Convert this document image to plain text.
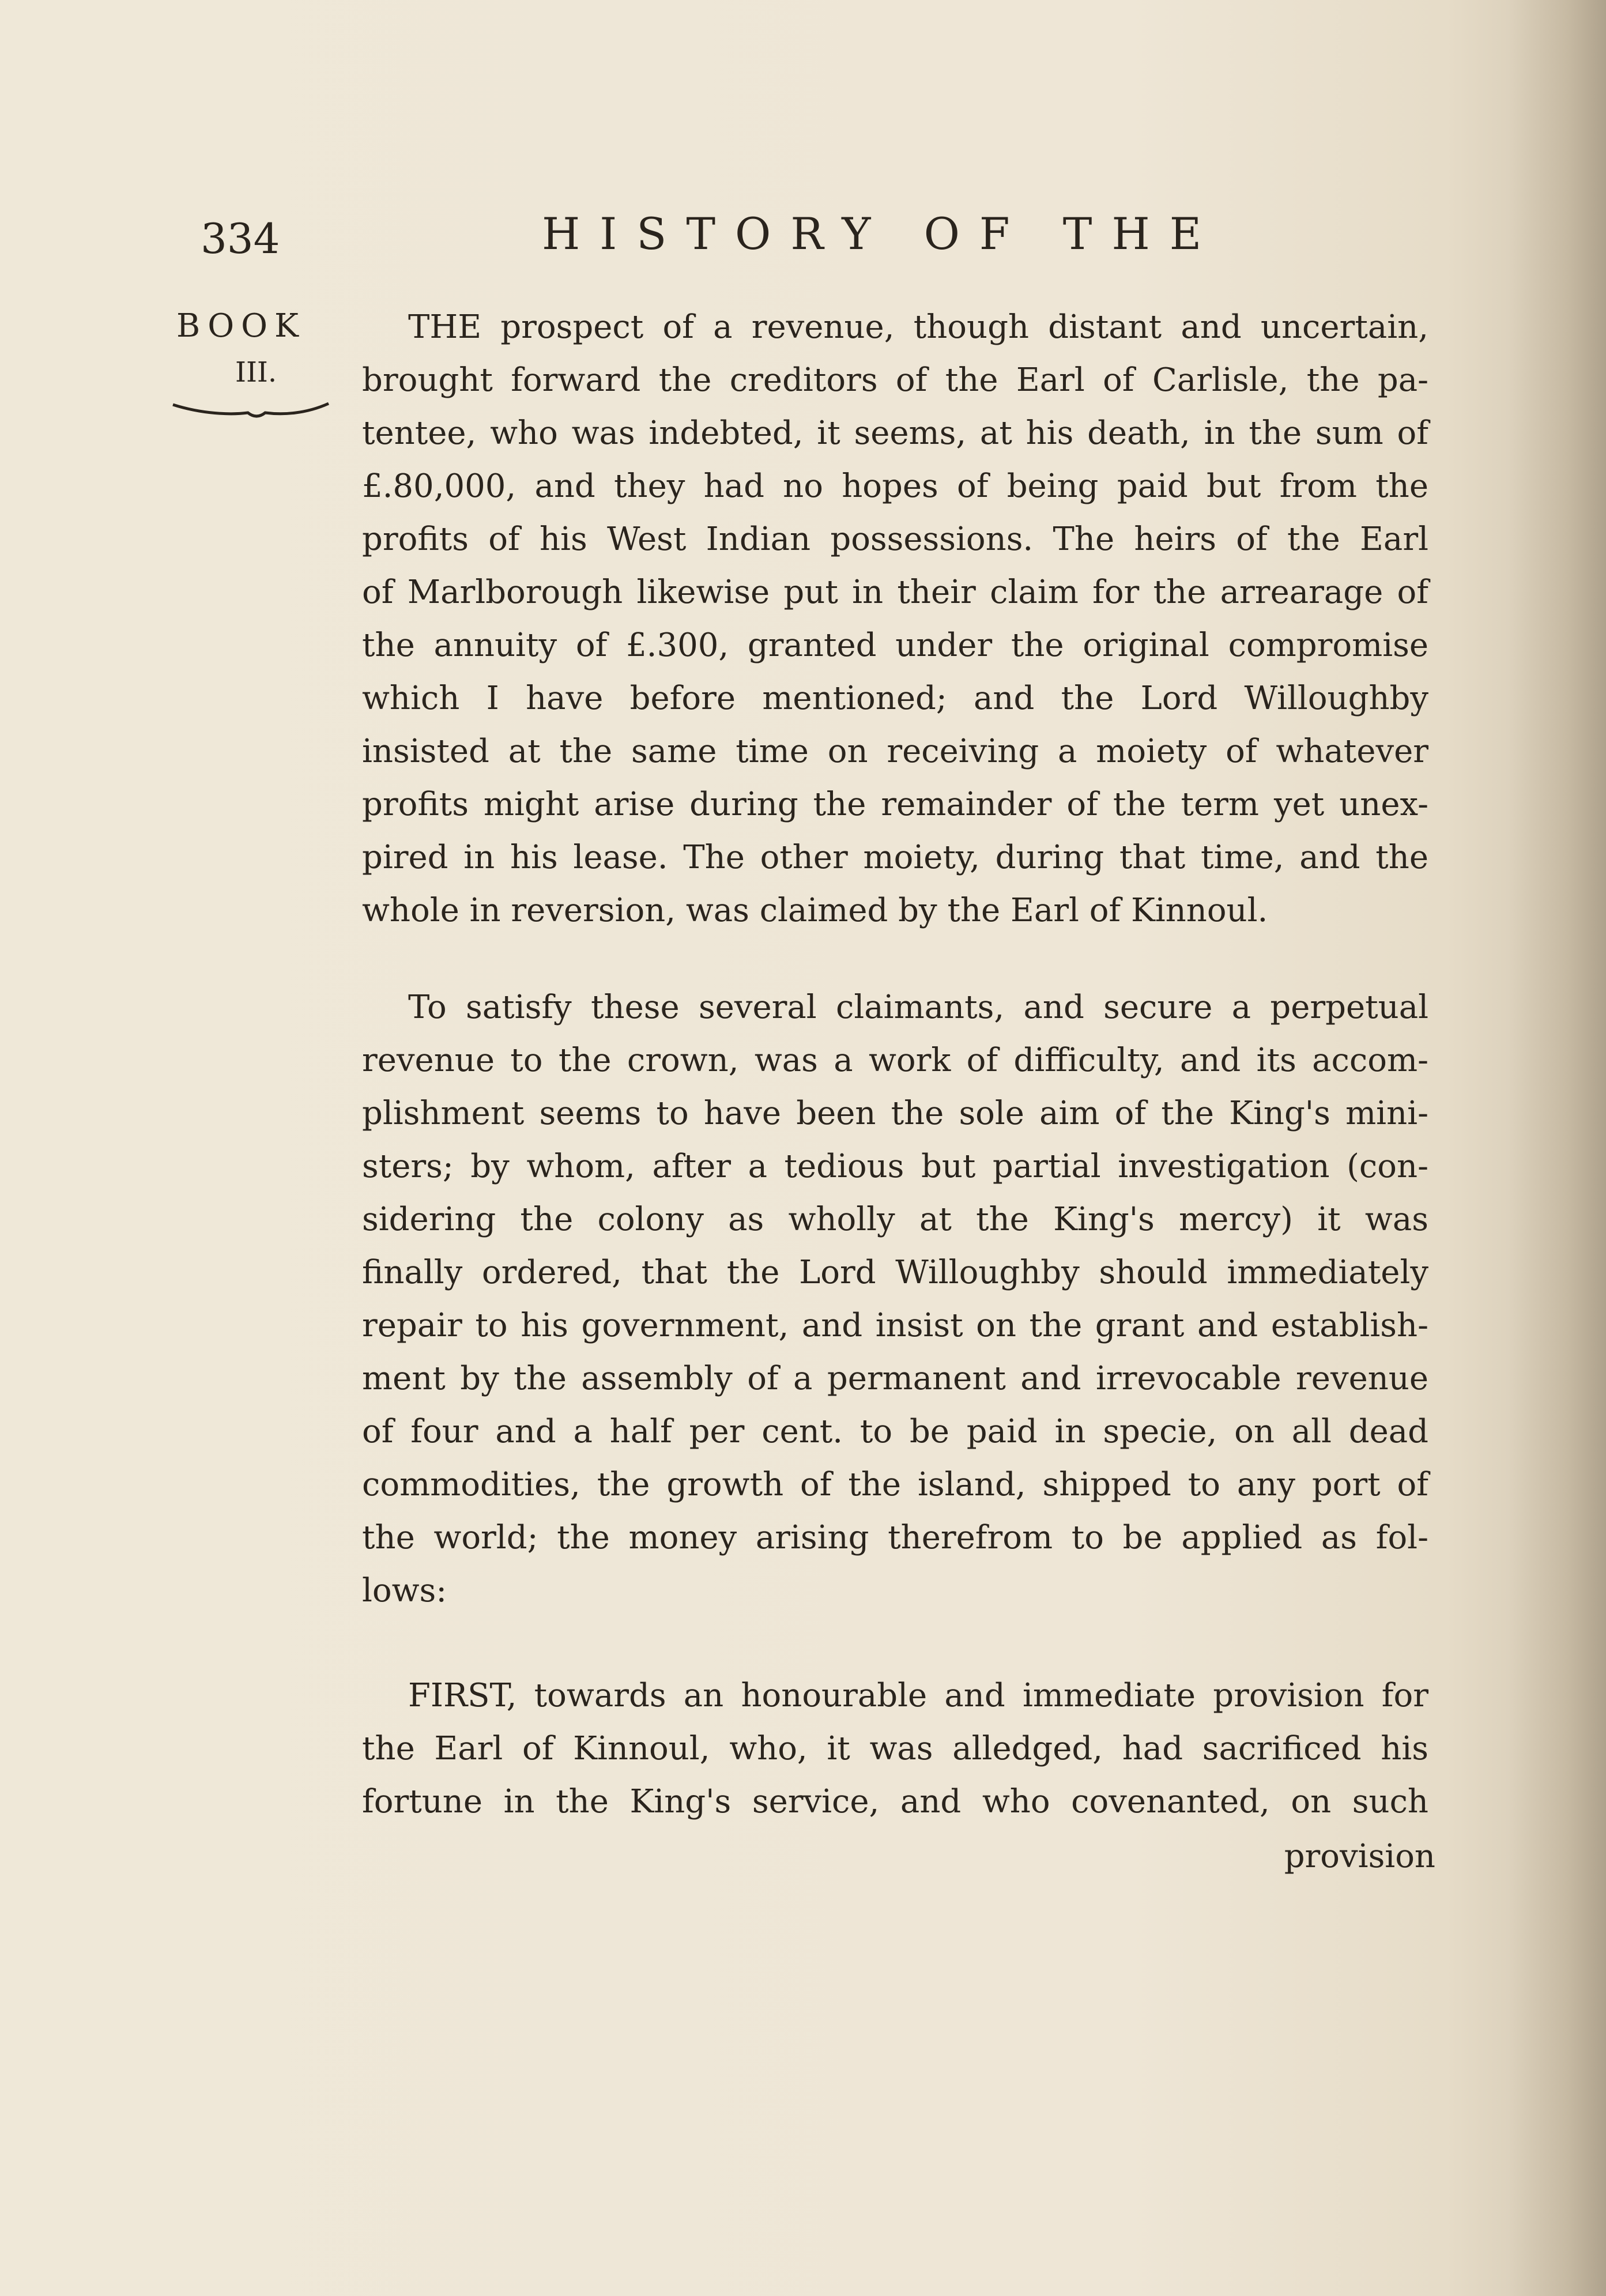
334	HISTORY OF THE
BOOK
III.
THE prospect of a revenue, though distant and uncertain,
brought forward the creditors of the Earl of Carlisle, the pa-
tentee, who was indebted, it seems, at his death, in the sum of
£.80,000, and they had no hopes of being paid but from the
profits of his West Indian possessions. The heirs of the Earl
of Marlborough likewise put in their claim for the arrearage of
the annuity of £.300, granted under the original compromise
which I have before mentioned; and the Lord Willoughby
insisted at the same time on receiving a moiety of whatever
profits might arise during the remainder of the term yet unex-
pired in his lease. The other moiety, during that time, and the
whole in reversion, was claimed by the Earl of Kinnoul.
To satisfy these several claimants, and secure a perpetual
revenue to the crown, was a work of difficulty, and its accom-
plishment seems to have been the sole aim of the King's mini-
sters; by whom, after a tedious but partial investigation (con-
sidering the colony as wholly at the King's mercy) it was
finally ordered, that the Lord Willoughby should immediately
repair to his government, and insist on the grant and establish-
ment by the assembly of a permanent and irrevocable revenue
of four and a half per cent. to be paid in specie, on all dead
commodities, the growth of the island, shipped to any port of
the world; the money arising therefrom to be applied as fol-
lows:
FIRST, towards an honourable and immediate provision for
the Earl of Kinnoul, who, it was alledged, had sacrificed his
fortune in the King's service, and who covenanted, on such
provision
